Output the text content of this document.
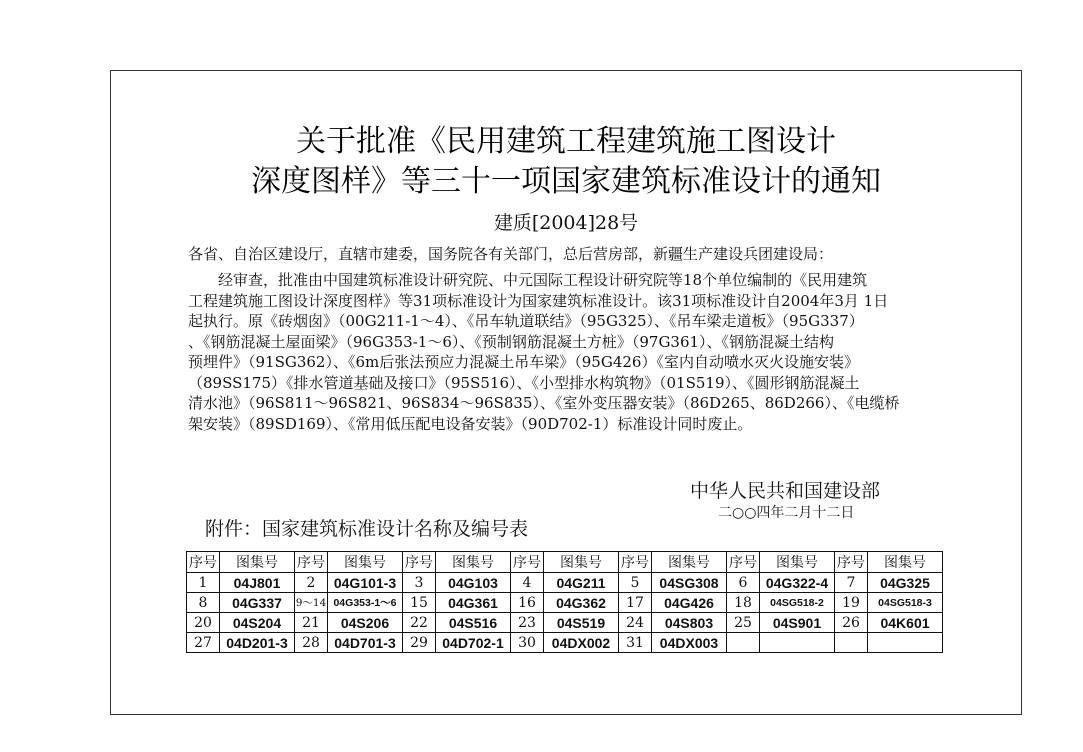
关于批准《民用建筑工程建筑施工图设计
深度图样》等三十一项国家建筑标准设计的通知
建质[2004]28号
各省、自治区建设厅，直辖市建委，国务院各有关部门，总后营房部，新疆生产建设兵团建设局：
　　经审查，批准由中国建筑标准设计研究院、中元国际工程设计研究院等18个单位编制的《民用建筑
工程建筑施工图设计深度图样》等31项标准设计为国家建筑标准设计。该31项标准设计自2004年3月 1日
起执行。原《砖烟囱》（00G211-1～4）、《吊车轨道联结》（95G325）、《吊车梁走道板》（95G337）
、《钢筋混凝土屋面梁》（96G353-1～6）、《预制钢筋混凝土方桩》（97G361）、《钢筋混凝土结构
预埋件》（91SG362）、《6m后张法预应力混凝土吊车梁》（95G426）《室内自动喷水灭火设施安装》
（89SS175）《排水管道基础及接口》（95S516）、《小型排水构筑物》（01S519）、《圆形钢筋混凝土
清水池》（96S811～96S821、96S834～96S835）、《室外变压器安装》（86D265、86D266）、《电缆桥
架安装》（89SD169）、《常用低压配电设备安装》（90D702-1）标准设计同时废止。
中华人民共和国建设部
二○○四年二月十二日
附件：国家建筑标准设计名称及编号表
序号	图集号	序号	图集号	序号	图集号	序号	图集号	序号	图集号	序号	图集号	序号	图集号
1	04J801	2	04G101-3	3	04G103	4	04G211	5	04SG308	6	04G322-4	7	04G325
8	04G337	9～14	04G353-1～6	15	04G361	16	04G362	17	04G426	18	04SG518-2	19	04SG518-3
20	04S204	21	04S206	22	04S516	23	04S519	24	04S803	25	04S901	26	04K601
27	04D201-3	28	04D701-3	29	04D702-1	30	04DX002	31	04DX003				
